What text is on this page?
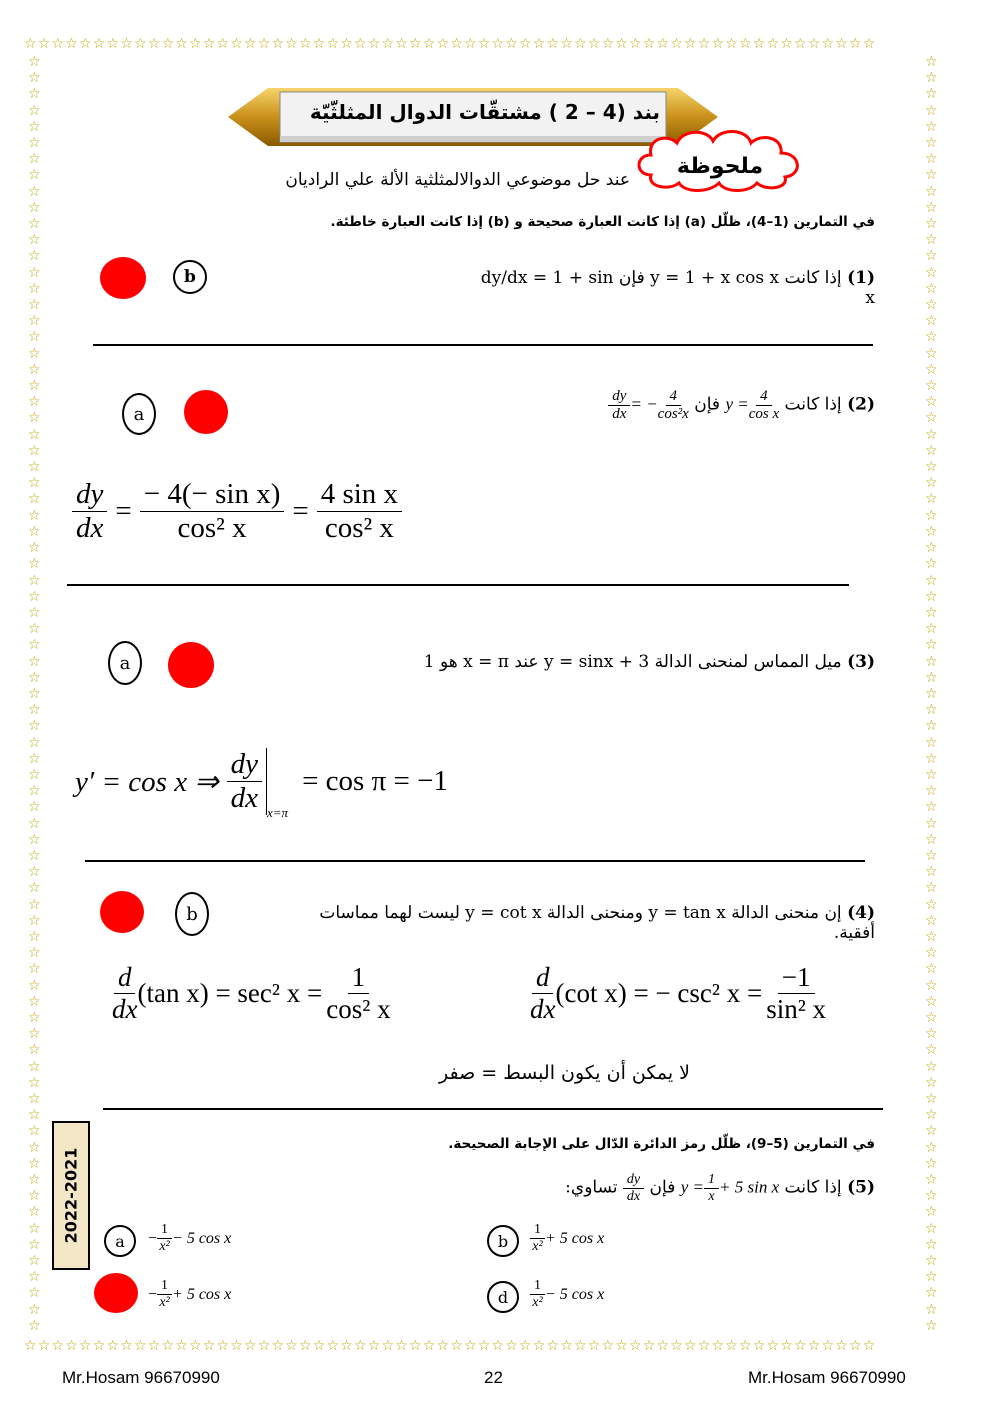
☆☆☆☆☆☆☆☆☆☆☆☆☆☆☆☆☆☆☆☆☆☆☆☆☆☆☆☆☆☆☆☆☆☆☆☆☆☆☆☆☆☆☆☆☆☆☆☆☆☆☆☆☆☆☆☆☆☆☆☆☆☆
☆☆☆☆☆☆☆☆☆☆☆☆☆☆☆☆☆☆☆☆☆☆☆☆☆☆☆☆☆☆☆☆☆☆☆☆☆☆☆☆☆☆☆☆☆☆☆☆☆☆☆☆☆☆☆☆☆☆☆☆☆☆
☆☆☆☆☆☆☆☆☆☆☆☆☆☆☆☆☆☆☆☆☆☆☆☆☆☆☆☆☆☆☆☆☆☆☆☆☆☆☆☆☆☆☆☆☆☆☆☆☆☆☆☆☆☆☆☆☆☆☆☆☆☆☆☆☆☆☆☆☆☆☆☆☆☆☆☆☆☆☆
☆☆☆☆☆☆☆☆☆☆☆☆☆☆☆☆☆☆☆☆☆☆☆☆☆☆☆☆☆☆☆☆☆☆☆☆☆☆☆☆☆☆☆☆☆☆☆☆☆☆☆☆☆☆☆☆☆☆☆☆☆☆☆☆☆☆☆☆☆☆☆☆☆☆☆☆☆☆☆
بند (4 – 2 ) مشتقّات الدوال المثلثّيّة
ملحوظة
عند حل موضوعي الدوالالمثلثية الألة علي الراديان
في التمارين (1–4)، ظلّل (a) إذا كانت العبارة صحيحة و (b) إذا كانت العبارة خاطئة.
(1) إذا كانت y = 1 + x cos x فإن dy/dx = 1 + sin x
b
(2) إذا كانت $y = \frac{4}{\text{cos x}}$
فإن
$\frac{dy}{dx}$ = − $\frac{4}{\text{cos²x}}$
a
$\frac{dy}{dx} = \frac{\text{− 4(− sin x)}}{\text{cos² x}} = \frac{\text{4 sin x}}{\text{cos² x}}$
(3) ميل المماس لمنحنى الدالة y = sinx + 3 عند x = π هو 1
a
y′ = cos x ⇒ $\frac{dy}{dx} x=\pi$
= cos π = −1
(4) إن منحنى الدالة y = tan x ومنحنى الدالة y = cot x ليست لهما مماسات أفقية.
b
$\frac{d}{dx} (\tan$ x) = sec² $x = \frac{1}{\text{cos² x}}$	$\frac{d}{dx} (\cot$ x) = − csc² $x = \frac{-1}{\text{sin² x}}$
لا يمكن أن يكون البسط = صفر
2022-2021
في التمارين (5–9)، ظلّل رمز الدائرة الدّال على الإجابة الصحيحة.
(5) إذا كانت $y = \frac{1}{x} + 5$ sin x فإن
$\frac{dy}{dx}$
تساوي:
a	− $\frac{1}{\text{x²}} - 5$ cos x	b	$\frac{1}{\text{x²}} + 5$ cos x
− $\frac{1}{\text{x²}} + 5$ cos x	d	$\frac{1}{\text{x²}} - 5$ cos x
Mr.Hosam 96670990	22	Mr.Hosam 96670990
